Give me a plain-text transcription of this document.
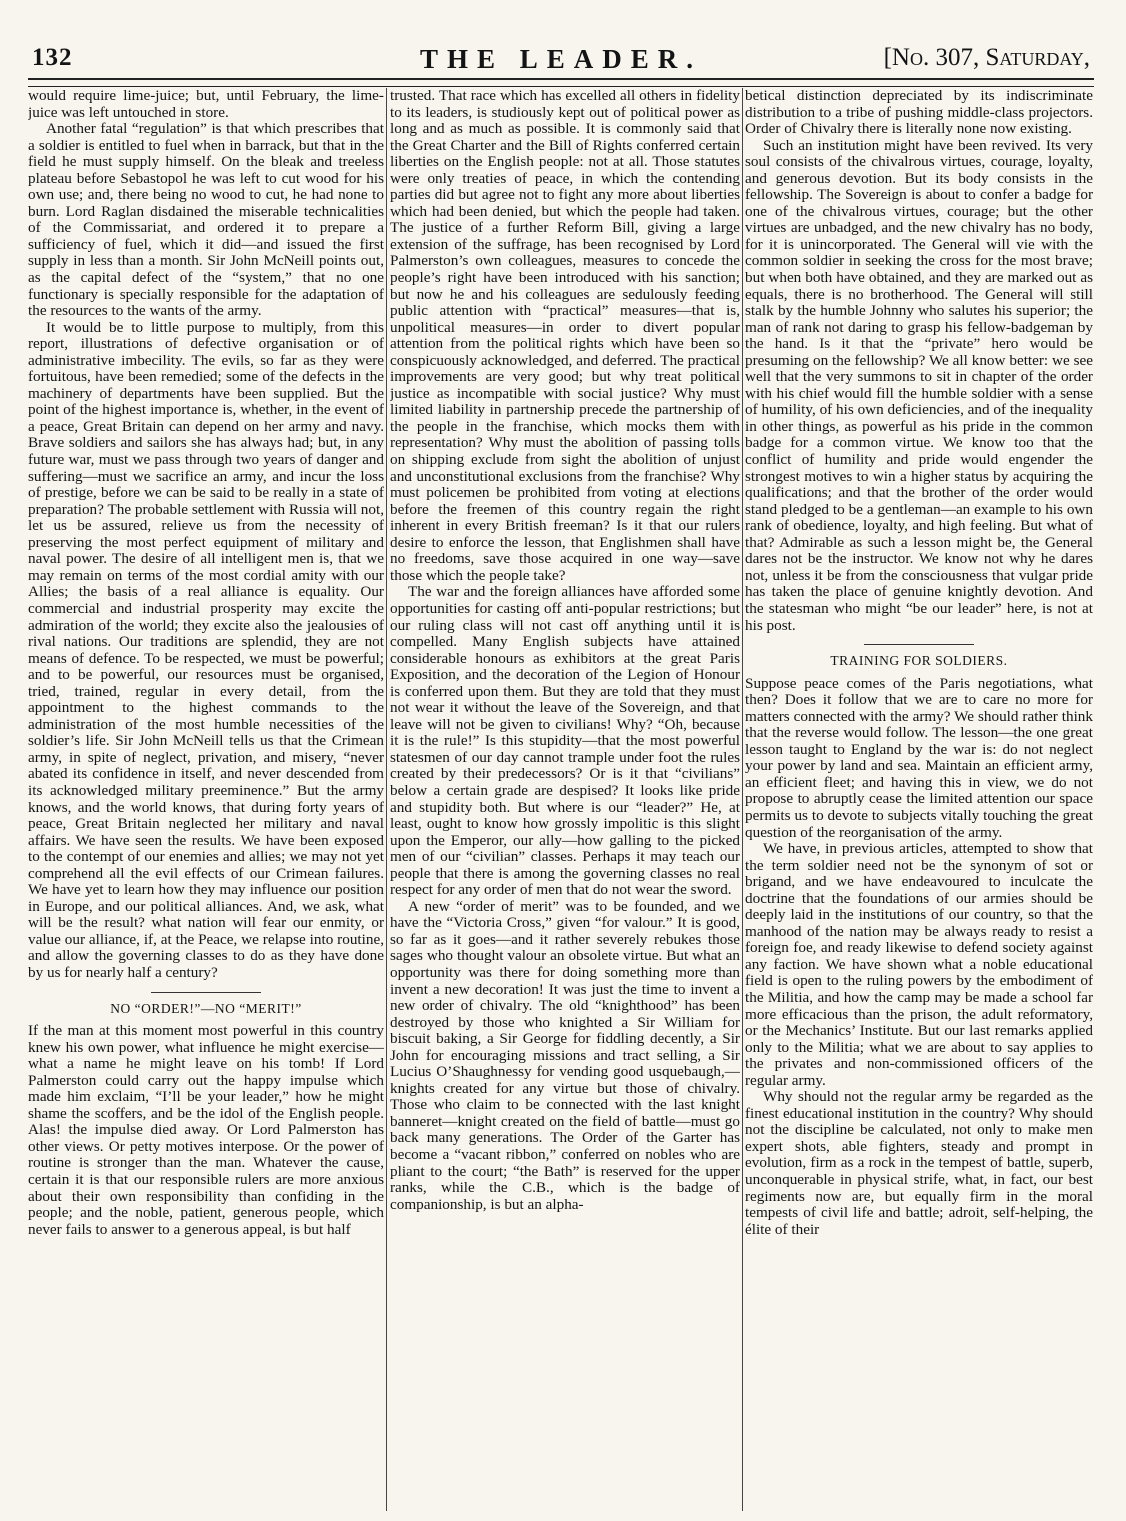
132	THE LEADER.	[No. 307, Saturday,

would require lime-juice; but, until February, the lime-juice was left untouched in store.

Another fatal “regulation” is that which prescribes that a soldier is entitled to fuel when in barrack, but that in the field he must supply himself. On the bleak and treeless plateau before Sebastopol he was left to cut wood for his own use; and, there being no wood to cut, he had none to burn. Lord Raglan disdained the miserable technicalities of the Commissariat, and ordered it to prepare a sufficiency of fuel, which it did—and issued the first supply in less than a month. Sir John McNeill points out, as the capital defect of the “system,” that no one functionary is specially responsible for the adaptation of the resources to the wants of the army.

It would be to little purpose to multiply, from this report, illustrations of defective organisation or of administrative imbecility. The evils, so far as they were fortuitous, have been remedied; some of the defects in the machinery of departments have been supplied. But the point of the highest importance is, whether, in the event of a peace, Great Britain can depend on her army and navy. Brave soldiers and sailors she has always had; but, in any future war, must we pass through two years of danger and suffering—must we sacrifice an army, and incur the loss of prestige, before we can be said to be really in a state of preparation? The probable settlement with Russia will not, let us be assured, relieve us from the necessity of preserving the most perfect equipment of military and naval power. The desire of all intelligent men is, that we may remain on terms of the most cordial amity with our Allies; the basis of a real alliance is equality. Our commercial and industrial prosperity may excite the admiration of the world; they excite also the jealousies of rival nations. Our traditions are splendid, they are not means of defence. To be respected, we must be powerful; and to be powerful, our resources must be organised, tried, trained, regular in every detail, from the appointment to the highest commands to the administration of the most humble necessities of the soldier’s life. Sir John McNeill tells us that the Crimean army, in spite of neglect, privation, and misery, “never abated its confidence in itself, and never descended from its acknowledged military preeminence.” But the army knows, and the world knows, that during forty years of peace, Great Britain neglected her military and naval affairs. We have seen the results. We have been exposed to the contempt of our enemies and allies; we may not yet comprehend all the evil effects of our Crimean failures. We have yet to learn how they may influence our position in Europe, and our political alliances. And, we ask, what will be the result? what nation will fear our enmity, or value our alliance, if, at the Peace, we relapse into routine, and allow the governing classes to do as they have done by us for nearly half a century?

NO “ORDER!”—NO “MERIT!”

If the man at this moment most powerful in this country knew his own power, what influence he might exercise—what a name he might leave on his tomb! If Lord Palmerston could carry out the happy impulse which made him exclaim, “I’ll be your leader,” how he might shame the scoffers, and be the idol of the English people. Alas! the impulse died away. Or Lord Palmerston has other views. Or petty motives interpose. Or the power of routine is stronger than the man. Whatever the cause, certain it is that our responsible rulers are more anxious about their own responsibility than confiding in the people; and the noble, patient, generous people, which never fails to answer to a generous appeal, is but half

trusted. That race which has excelled all others in fidelity to its leaders, is studiously kept out of political power as long and as much as possible. It is commonly said that the Great Charter and the Bill of Rights conferred certain liberties on the English people: not at all. Those statutes were only treaties of peace, in which the contending parties did but agree not to fight any more about liberties which had been denied, but which the people had taken. The justice of a further Reform Bill, giving a large extension of the suffrage, has been recognised by Lord Palmerston’s own colleagues, measures to concede the people’s right have been introduced with his sanction; but now he and his colleagues are sedulously feeding public attention with “practical” measures—that is, unpolitical measures—in order to divert popular attention from the political rights which have been so conspicuously acknowledged, and deferred. The practical improvements are very good; but why treat political justice as incompatible with social justice? Why must limited liability in partnership precede the partnership of the people in the franchise, which mocks them with representation? Why must the abolition of passing tolls on shipping exclude from sight the abolition of unjust and unconstitutional exclusions from the franchise? Why must policemen be prohibited from voting at elections before the freemen of this country regain the right inherent in every British freeman? Is it that our rulers desire to enforce the lesson, that Englishmen shall have no freedoms, save those acquired in one way—save those which the people take?

The war and the foreign alliances have afforded some opportunities for casting off anti-popular restrictions; but our ruling class will not cast off anything until it is compelled. Many English subjects have attained considerable honours as exhibitors at the great Paris Exposition, and the decoration of the Legion of Honour is conferred upon them. But they are told that they must not wear it without the leave of the Sovereign, and that leave will not be given to civilians! Why? “Oh, because it is the rule!” Is this stupidity—that the most powerful statesmen of our day cannot trample under foot the rules created by their predecessors? Or is it that “civilians” below a certain grade are despised? It looks like pride and stupidity both. But where is our “leader?” He, at least, ought to know how grossly impolitic is this slight upon the Emperor, our ally—how galling to the picked men of our “civilian” classes. Perhaps it may teach our people that there is among the governing classes no real respect for any order of men that do not wear the sword.

A new “order of merit” was to be founded, and we have the “Victoria Cross,” given “for valour.” It is good, so far as it goes—and it rather severely rebukes those sages who thought valour an obsolete virtue. But what an opportunity was there for doing something more than invent a new decoration! It was just the time to invent a new order of chivalry. The old “knighthood” has been destroyed by those who knighted a Sir William for biscuit baking, a Sir George for fiddling decently, a Sir John for encouraging missions and tract selling, a Sir Lucius O’Shaughnessy for vending good usquebaugh,—knights created for any virtue but those of chivalry. Those who claim to be connected with the last knight banneret—knight created on the field of battle—must go back many generations. The Order of the Garter has become a “vacant ribbon,” conferred on nobles who are pliant to the court; “the Bath” is reserved for the upper ranks, while the C.B., which is the badge of companionship, is but an alpha-

betical distinction depreciated by its indiscriminate distribution to a tribe of pushing middle-class projectors. Order of Chivalry there is literally none now existing.

Such an institution might have been revived. Its very soul consists of the chivalrous virtues, courage, loyalty, and generous devotion. But its body consists in the fellowship. The Sovereign is about to confer a badge for one of the chivalrous virtues, courage; but the other virtues are unbadged, and the new chivalry has no body, for it is unincorporated. The General will vie with the common soldier in seeking the cross for the most brave; but when both have obtained, and they are marked out as equals, there is no brotherhood. The General will still stalk by the humble Johnny who salutes his superior; the man of rank not daring to grasp his fellow-badgeman by the hand. Is it that the “private” hero would be presuming on the fellowship? We all know better: we see well that the very summons to sit in chapter of the order with his chief would fill the humble soldier with a sense of humility, of his own deficiencies, and of the inequality in other things, as powerful as his pride in the common badge for a common virtue. We know too that the conflict of humility and pride would engender the strongest motives to win a higher status by acquiring the qualifications; and that the brother of the order would stand pledged to be a gentleman—an example to his own rank of obedience, loyalty, and high feeling. But what of that? Admirable as such a lesson might be, the General dares not be the instructor. We know not why he dares not, unless it be from the consciousness that vulgar pride has taken the place of genuine knightly devotion. And the statesman who might “be our leader” here, is not at his post.

TRAINING FOR SOLDIERS.

Suppose peace comes of the Paris negotiations, what then? Does it follow that we are to care no more for matters connected with the army? We should rather think that the reverse would follow. The lesson—the one great lesson taught to England by the war is: do not neglect your power by land and sea. Maintain an efficient army, an efficient fleet; and having this in view, we do not propose to abruptly cease the limited attention our space permits us to devote to subjects vitally touching the great question of the reorganisation of the army.

We have, in previous articles, attempted to show that the term soldier need not be the synonym of sot or brigand, and we have endeavoured to inculcate the doctrine that the foundations of our armies should be deeply laid in the institutions of our country, so that the manhood of the nation may be always ready to resist a foreign foe, and ready likewise to defend society against any faction. We have shown what a noble educational field is open to the ruling powers by the embodiment of the Militia, and how the camp may be made a school far more efficacious than the prison, the adult reformatory, or the Mechanics’ Institute. But our last remarks applied only to the Militia; what we are about to say applies to the privates and non-commissioned officers of the regular army.

Why should not the regular army be regarded as the finest educational institution in the country? Why should not the discipline be calculated, not only to make men expert shots, able fighters, steady and prompt in evolution, firm as a rock in the tempest of battle, superb, unconquerable in physical strife, what, in fact, our best regiments now are, but equally firm in the moral tempests of civil life and battle; adroit, self-helping, the élite of their
